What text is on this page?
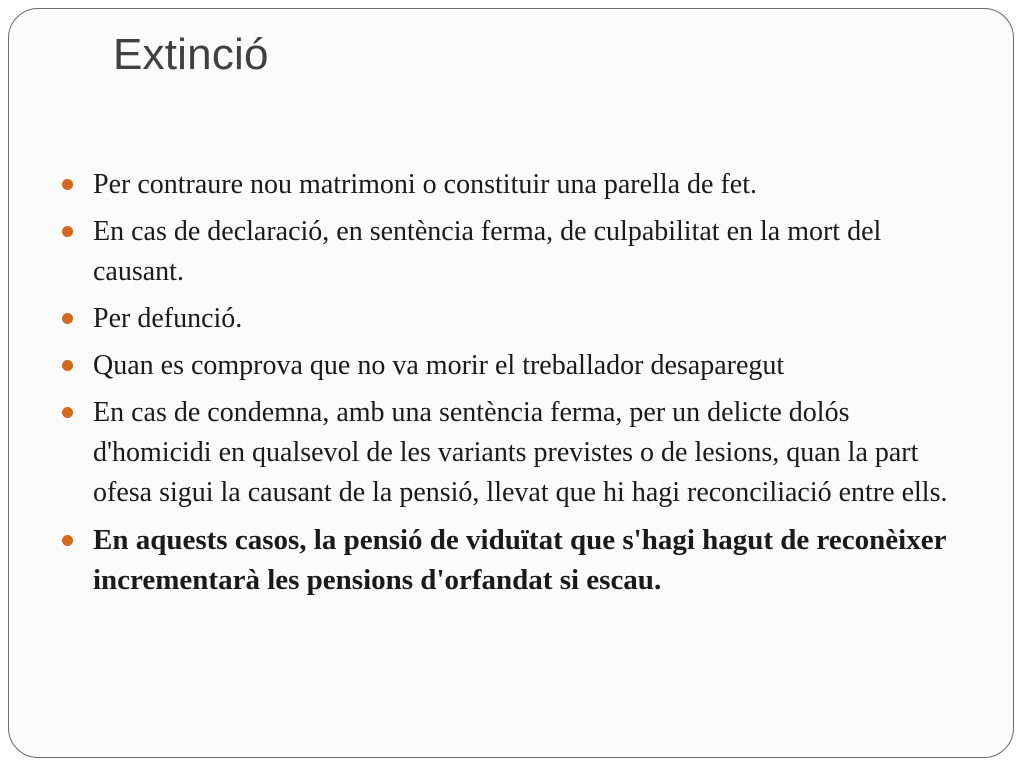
Extinció
Per contraure nou matrimoni o constituir una parella de fet.
En cas de declaració, en sentència ferma, de culpabilitat en la mort del causant.
Per defunció.
Quan es comprova que no va morir el treballador desaparegut
En cas de condemna, amb una sentència ferma, per un delicte dolós d'homicidi en qualsevol de les variants previstes o de lesions, quan la part ofesa sigui la causant de la pensió, llevat que hi hagi reconciliació entre ells.
En aquests casos, la pensió de viduïtat que s'hagi hagut de reconèixer incrementarà les pensions d'orfandat si escau.
